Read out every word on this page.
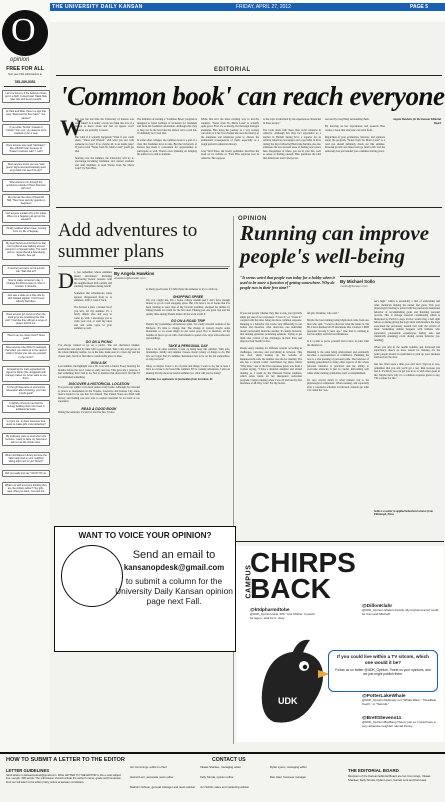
THE UNIVERSITY DAILY KANSAN	FRIDAY, APRIL 27, 2012	PAGE 5
O
opinion
FREE FOR ALL
Text your FFA submissions to
785-289-8351
Let's be honest, if the ballroom hears got in a fight, it would start Hawk Side Stay ride with Fenoy tonight.
At Park and Ride, there's a sign that says "Reserved for bus riders". Yes, please?
If you write "burrito" instead of "tortiza," then yes, you deserve to be cropped up for a year.
Does anyone else read "laboratory" like a British man because of Tradec's Cartoon Lab? I, Lab?
Does anyone know you see "well guest" signs and automatically want to go back it to see if it's dry?
Who wants to run through the sprinklers outside of Hanz Peterson with me?
Don't break the rules of Nasonith Hall. They have security guards on Segways!
Can anyone explain why a KU police officer on a Segway just got on the elevator?
I finally realized what's been missing from my life. A Segway.
My best friend just informed me that her boyfriend was walking around campus in a Speedo today. The weird part is I remembered a Speedoing Speedo. See ya!
A squirrel just came out of a trash can. Was that so?
Now to make someone's day. 1. Change the FFA number to mine 2. Answer. 3. Results.
Just saw a dude on a bike ride by with braided pigtails. I don't know nobody had bikes.
Does anyone get nervous when the track guys are practicing like that just? I feel like they will get a surge of power and hit me.
There's an ice cream truck? Nooo yeah!
Does anyone else think it's awkward that when you stand up in the various stalls in Fraser you can see yourself in the mirror?
Comparing the main expanded bar signed to Roots (the Jungletoth with orange) makes me never want to use them.
To the girl that came to economics discussion after drowning, your hair smells good!
It slightly concerns me that the biology building does not invest in antibacterial soap.
Is it just me, or does someone love quest to make girls more attractive?
My professor yells so loud when she lectures. I want to raise my hand and ask to use the inside voice.
When did Watson Library become the "talk really loud to your neighbor sitting right next to you" library?
Did you really just say YOLO? Oh no.
What's up with everyone thinking they are the clothes police? Hey girls, wear what you want. You look hot.
EDITORIAL
'Common book' can reach everyone
W
hen was the last time the University of Kansas was once taken? Is it really a book we think this lots of a person to know about and feel an appear over? Chances are probably it wasn't.

But what if it actually happened? What if you could share, "There and Women" with what you saw with someone in class? If so, maybe all, is an inside joke? If you've read "Notes from No Man's Land" you'll get that.

Starting over the summer, the University will try to encourage incoming freshmen and current students and staff members to read "Notes from No Man's Land" by Eula Biss.
The initiative of starting a "Common Book" program is designed to foster feelings of inclusion for freshmen and from the freshmen orientation. Although this may or may not be the best idea the answer isn't a read but, its definitely not a bad idea.

In some other colleges, the common book is a part of a class that freshmen have to take. But the University of Kansas has made it convenient for opportunities to participate as well. There's even planning on bringing the author in to talk to students.
While this isn't the most exciting way to involve students, "Notes from No Man's Land" is actually quite good. First, it's so mostly, but thorough dialogue examples. Biss notes her journey as a way readers can relate to it her first chapter she uses the history of the telephone and telephone poles to discuss the unintended consequences of them, especially as a tough period in American history.

Gray Wolf Press, the book's publisher, describes the book on its website as "Eula Biss explores race in America. Her suppose
to the topic is informed by the experiences chronicled in these essays."

The book deals with more than racial relations in America. Although this may fact experience as a teacher in Harlem during 9/11, a reporter for an African American newspaper and a specialist in lives during the days following Hurricane Katrina, she also addresses the ever present issue of finding one's place here. Regardless of where you are in your life, such as sense of finding oneself. Biss questions the idea that Americans aren't always suc-
succeed by everything surrounding them.

By drawing on her experiences and research Biss creates a book that everyone can learn from.

Regardless of your graduation, interests, and opinions about the program, "Notes from No Man's Land" is a read you should definitely check out this summer. Personal growth and input from go fund to KU and the university has just handed you a summer starting place.
Angela Hawkins for the Kansan Editorial Board
Add adventures to summer plans
D o you remember where summers meant adventures? Including discovering buried treasure with the neighborhood kids outside and catching caterpillars during lunch?

Somehow that adventurous, sense appears disappeared from us as summers. Well, I want it back.

I've devised a plan, a bucket list if you will, for my summer. It's a fairly simple idea and easy to come up with. I encourage you to write your own, or steal my ideas and add some spice to your summer as well.
By Angela Hawkins
ahawkins@kansan.com
GO ON A PICNIC
I've always wanted to go on a picnic. The red checkered blanket, sandwiches and quiet by time with a good friend. Take a day and get out of the whole thinking routine. Go to the lake, make sure it's a nice day and the closest park, beach or find that is comfortable place to dine.
RUN A 5K
Last summer, the highlight was a 5K I ran with a friend. Every morning for months before the run I woke up early and ran. This gave me a purpose. I had something that I had to do. Not to mention that afterward I felt like I'd accomplished something.
DISCOVER A HISTORICAL LOCATION
I've grown up within a two-hour radius of my home. Although I've traveled to places to monuments in the Topeka, Lawrence and Kansas City areas, there's bound to be one that I've missed. The United States are filled with history and finding one new area to explore shouldn't be too hard or too expensive.
READ A GOOD BOOK
During the semester, it's hard to read for fun. I'd also
as many good books if I didn't have the semester to try to catch up.
SHOPPING SPREE
Oh, you caught me, I'm a broke college student and I don't have enough money to go on a real shopping spree. But I do have a lot of books that I've been wanting to read. One of my favorite pastimes: shopped for mimes by taking friends on a hunt for the best deal. Finding just one great buy and the quality time among friends makes all the work worth it.
GO ON A ROAD TRIP
Despite my (sometimes adventurous spirit, I've rarely traveled outside of the Midwest. It's time to change that. The change of scenery maybe some mountains or an ocean might do me some good. Not to mention, all the bundles of fun to go on with a fun friends to spend a few days with some new surroundings.
TAKE A PERSONAL DAY
Like a lot of other students, I plan on being busy this summer. With jobs, internships, family and summer classes, there's plenty of things to do. But let's not forget that it's summer. Relaxation has to be on the list somewhere, so why not here?
Okay, so maybe I have a lot of plans and things I want to do, but at least I have no excuse to be bored this summer. I'll be cooking adventures. I plan on making this my most successful summer yet, what will you be doing?
Hawkins is a sophomore in journalism from Scranton, Kt.
WANT TO VOICE YOUR OPINION?
Send an email to
kansanopdesk@gmail.com
to submit a column for the University Daily Kansan opinion page next Fall.
OPINION
Running can improve people's well-being
"It seems weird that people run today for a hobby when it used to be more a function of getting somewhere. Why do people run in their free time?"
By Michael Sollo
msollo@kansan.com
If you ask people whether they like to run, you typically either get one of two responses: "I love it," or "I hate it," coupled with the latter being the more common response. Running is a behavior that works very differently in our bodies and therefore what motivates one individual doesn't necessarily motivate another. It's funny, however, that running generates polarizing opinions. Trying to get them take control of the challenges in their lives and improve their health be free.

People enjoy running for different reasons according to challenges, victories, and everything in between. This was clear when looking up the website of Runnersworld.com, the number one site for running. The site has a current reader contributed tag mesa called, "Why Run," one of the first responses given was from a woman saying, "I have a disabled daughter and started running so I could do the Pheasant Prairie triathlon, which raises funds for her therapeutic recreation program. I began running when I was 25 and ran my first marathon at 48.Why I run? For my beauti-
ful girl, Christine, who can't."

Maybe the best running being implicated came from one man who said, "I want to discover what the future is. I'm 66, I have finished all 23 marathons that I started. I PRD (personal record) 3 years ago." One man is running to test his ability and find out limitations.

Is it a point to prove yourself and to have no idea what the distance is.

Running is the same being achievement and eventually becomes a representation of confidence. Finishing the race is a true learning of personal pride. The behavior of running generalized to many other aspects of life where personal initiative is practiced and the ability to overcome obstacles is just as crucial. Performing well while while running symbolizes such accomplishment.

It's also crucial detail in what runners run is the physiological component. When running, and especially after a consistent schedule is followed, runners get what it is called the "run-
ner's high," which is essentially a mix of endorphins and other chemicals making the runner feel great. This poor physiological feeling is paired with the previously mentioned behavior of accomplishing goals and finishing personal records. This is vintage classical conditioning which is illustrated by Pavlov's dogs. Pavlov would ring a bell right before or during giving the dog's meal and therefore the dogs associated the previously neutral bell with the reward of meat. Something similar happens with humans who experience pleasurable experiences during runs and chemically speaking) occur during certain behavior (i.e. running).

When you add in the health benefits and increased life expectancy, there's no more reason for running—it's the point people should, in equivalent to pick up your sneakers and head out the door.

Just run. Once upon a time, you can't do it. Sign up to race, remember that you and you'll get a test. Run because you feel it. It's likely you can get you in so to with other goals in life. Maybe that's why it's a common response given to any, 'I'm a runner for life.'
Sollo is a senior in applied behavioral science from Pittsburgh, Penn.
CAMPUS
CHIRPS BACK
@ktdpharmdtobe
@UDK_Opinion How 'Ahh' Your Mother. It would be legen...wait for it...dary.
UDK
If you could live within a TV sitcom, which one would it be?
Follow us on twitter @UDK_Opinion. Tweet us your opinions, and we just might publish them.
@DillonKlahr
@UDK_Opinion Modern Family. My boyfriend and I could be Cam and Mitchell!
@PotterLakeWhale
@UDK_Opinion Definitely not "Whale Wars," "Deadliest Catch," or "Swords."
@BrettStevens11
@UDK_Opinion Big Bang Theory just so I could have a very attractive neighbor named Penny.
HOW TO SUBMIT A LETTER TO THE EDITOR
LETTER GUIDELINES
Send letters to kansanopdesk@gmail.com. Write LETTER TO THE EDITOR in the e-mail subject line. Length: 300 words. The submission should include the author's name, grade and hometown. Find our full letter to the editor policy online at kansan.com/letters.
CONTACT US
Ian Cummings, editor-in-chief	Vikaas Shanker, managing editor	Dylan Lysen, managing editor
Garrett Lent, associate news editor	Kelly Stroda, opinion editor	Dan Haul, business manager
Malcolm Gibson, general manager and news adviser	Jon Schlitt, sales and marketing adviser
THE EDITORIAL BOARD
Members of the Kansan Editorial Board are Ian Cummings, Vikaas Shanker, Kelly Stroda, Dylan Lysen, Garrett Lent and Dan Haul.
